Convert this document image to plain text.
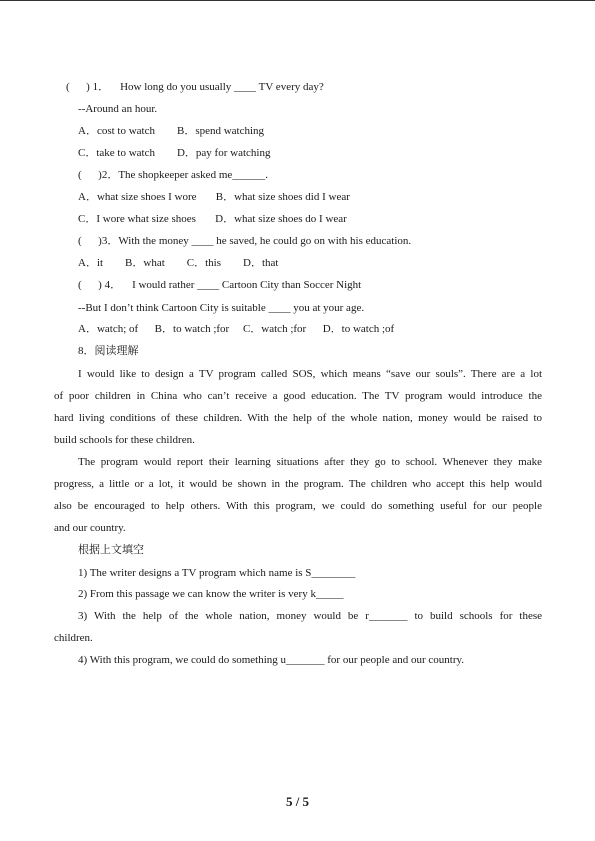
(      ) 1． How long do you usually ____ TV every day?
--Around an hour.
A．cost to watch        B．spend watching
C．take to watch        D．pay for watching
(      )2．The shopkeeper asked me______.
A．what size shoes I wore       B．what size shoes did I wear
C．I wore what size shoes       D．what size shoes do I wear
(      )3．With the money ____ he saved, he could go on with his education.
A．it        B．what        C．this        D．that
(      ) 4． I would rather ____ Cartoon City than Soccer Night
--But I don’t think Cartoon City is suitable ____ you at your age.
A．watch; of      B．to watch ;for     C．watch ;for      D．to watch ;of
8．阅读理解
I would like to design a TV program called SOS, which means “save our souls”. There are a lot
of poor children in China who can’t receive a good education. The TV program would introduce the
hard living conditions of these children. With the help of the whole nation, money would be raised to
build schools for these children.
The program would report their learning situations after they go to school. Whenever they make
progress, a little or a lot, it would be shown in the program. The children who accept this help would
also be encouraged to help others. With this program, we could do something useful for our people
and our country.
根据上文填空
1) The writer designs a TV program which name is S________
2) From this passage we can know the writer is very k_____
3) With the help of the whole nation, money would be r_______ to build schools for these
children.
4) With this program, we could do something u_______ for our people and our country.
5 / 5
